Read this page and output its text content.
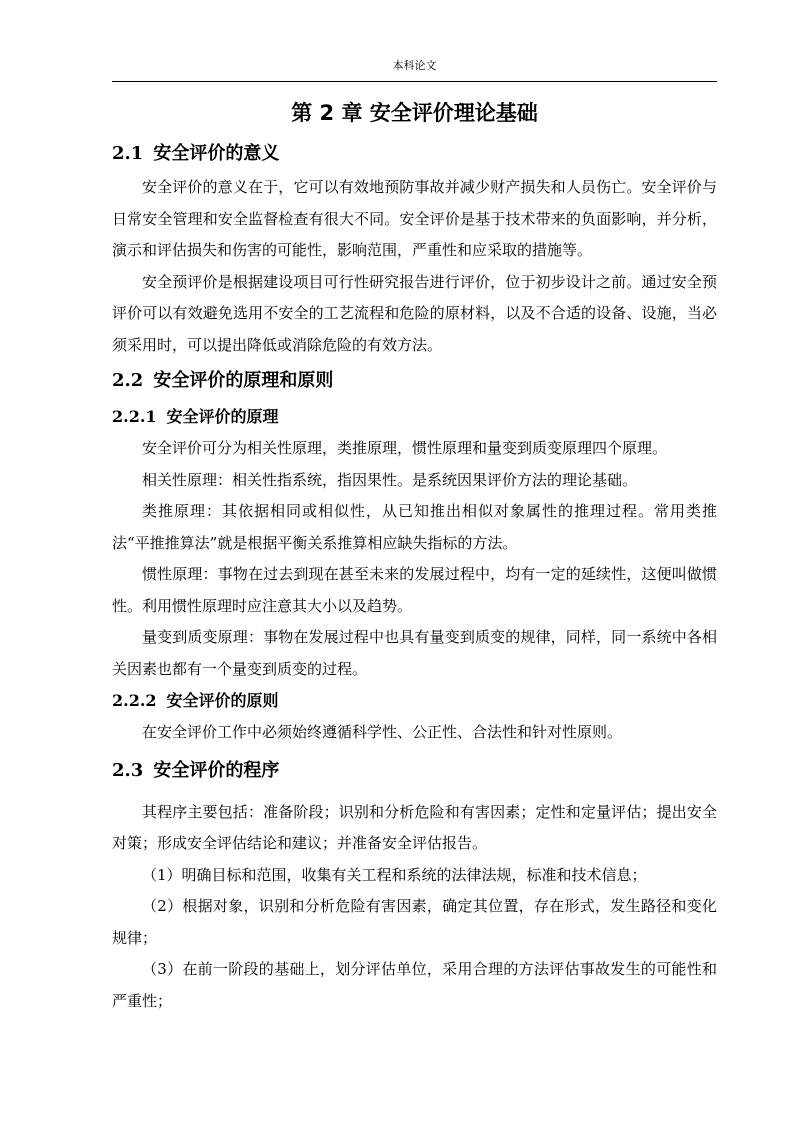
本科论文
第 2 章 安全评价理论基础
2.1 安全评价的意义

安全评价的意义在于，它可以有效地预防事故并减少财产损失和人员伤亡。安全评价与日常安全管理和安全监督检查有很大不同。安全评价是基于技术带来的负面影响，并分析，演示和评估损失和伤害的可能性，影响范围，严重性和应采取的措施等。

安全预评价是根据建设项目可行性研究报告进行评价，位于初步设计之前。通过安全预评价可以有效避免选用不安全的工艺流程和危险的原材料，以及不合适的设备、设施，当必须采用时，可以提出降低或消除危险的有效方法。

2.2 安全评价的原理和原则
2.2.1 安全评价的原理

安全评价可分为相关性原理，类推原理，惯性原理和量变到质变原理四个原理。

相关性原理：相关性指系统，指因果性。是系统因果评价方法的理论基础。

类推原理：其依据相同或相似性，从已知推出相似对象属性的推理过程。常用类推法“平推推算法”就是根据平衡关系推算相应缺失指标的方法。

惯性原理：事物在过去到现在甚至未来的发展过程中，均有一定的延续性，这便叫做惯性。利用惯性原理时应注意其大小以及趋势。

量变到质变原理：事物在发展过程中也具有量变到质变的规律，同样，同一系统中各相关因素也都有一个量变到质变的过程。

2.2.2 安全评价的原则

在安全评价工作中必须始终遵循科学性、公正性、合法性和针对性原则。

2.3 安全评价的程序

其程序主要包括：准备阶段；识别和分析危险和有害因素；定性和定量评估；提出安全对策；形成安全评估结论和建议；并准备安全评估报告。

（1）明确目标和范围，收集有关工程和系统的法律法规，标准和技术信息；

（2）根据对象，识别和分析危险有害因素，确定其位置，存在形式，发生路径和变化规律；

（3）在前一阶段的基础上，划分评估单位，采用合理的方法评估事故发生的可能性和严重性；
